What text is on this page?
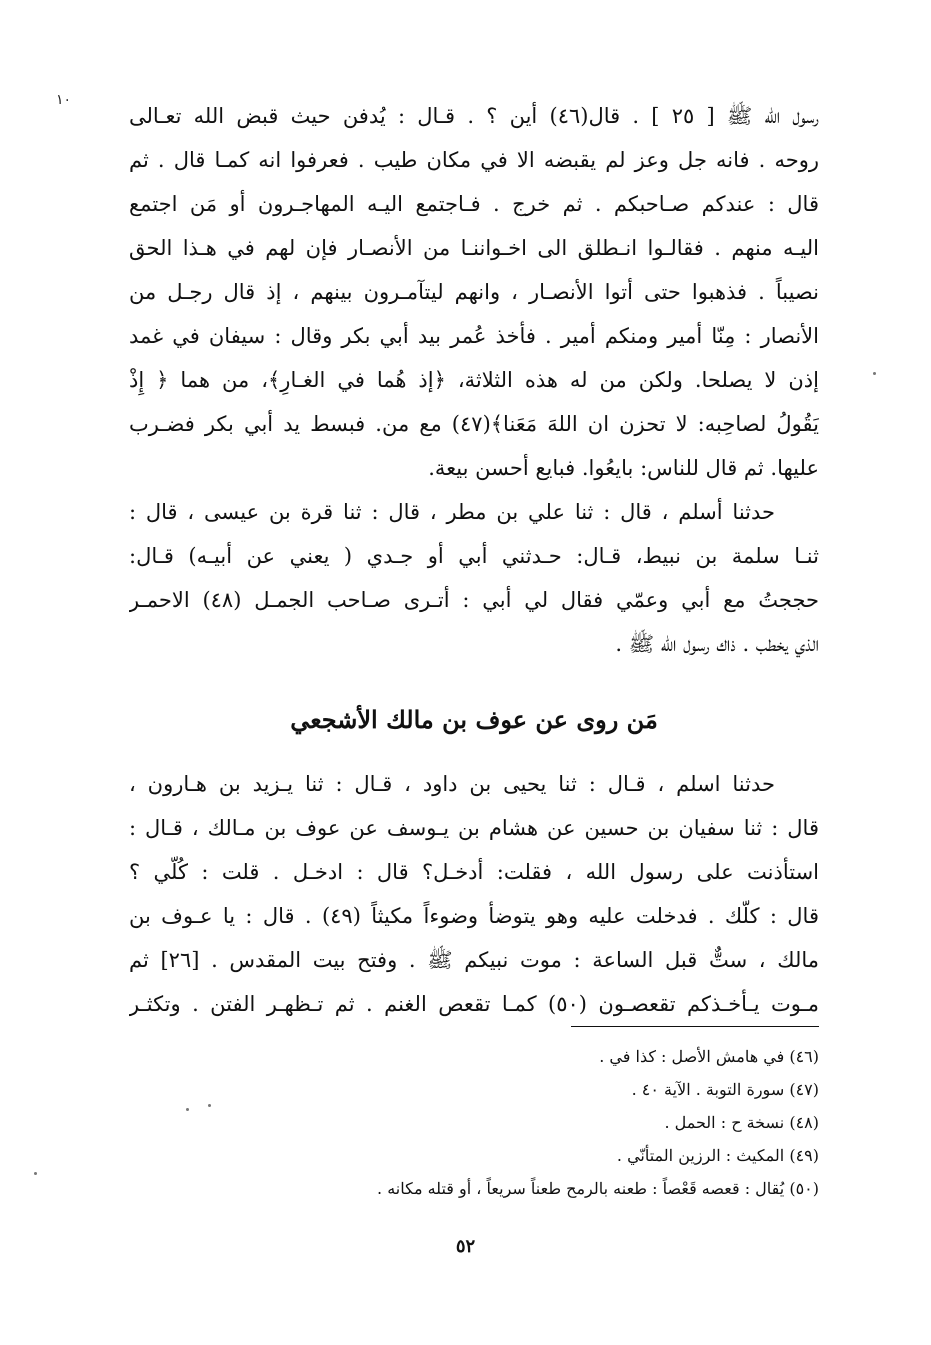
١٠
رسول الله ﷺ [ ٢٥ ] . قال(٤٦) أين ؟ . قـال : يُدفن حيث قبض الله تعـالى
روحه . فانه جل وعز لم يقبضه الا في مكان طيب . فعرفوا انه كمـا قال . ثم
قال : عندكم صـاحبكم . ثم خرج . فـاجتمع اليـه المهاجـرون أو مَن اجتمع
اليـه منهم . فقالـوا انـطلق الى اخـواننـا من الأنصـار فإن لهم في هـذا الحق
نصيباً . فذهبوا حتى أتوا الأنصـار ، وانهم ليتآمـرون بينهم ، إذ قال رجـل من
الأنصار : مِنّا أمير ومنكم أمير . فأخذ عُمر بيد أبي بكر وقال : سيفان في غمد
إذن لا يصلحا. ولكن من له هذه الثلاثة، ﴿إذ هُما في الغـارِ﴾، من هما ﴿ إِذْ
يَقُولُ لصاحِبه: لا تحزن ان اللهَ مَعَنا﴾(٤٧) مع من. فبسط يد أبي بكر فضـرب
عليها. ثم قال للناس: بايعُوا. فبايع أحسن بيعة.
حدثنا أسلم ، قال : ثنا علي بن مطر ، قال : ثنا قرة بن عيسى ، قال :
ثنـا سلمة بن نبيط، قـال: حـدثني أبي أو جـدي ( يعني عن أبيـه) قـال:
حججتُ مع أبي وعمّي فقال لي أبي : أتـرى صـاحب الجمـل (٤٨) الاحمـر
الذي يخطب . ذاك رسول الله ﷺ .
مَن روى عن عوف بن مالك الأشجعي
حدثنا اسلم ، قـال : ثنا يحيى بن داود ، قـال : ثنا يـزيد بن هـارون ،
قال : ثنا سفيان بن حسين عن هشام بن يـوسف عن عوف بن مـالك ، قـال :
استأذنت على رسول الله ، فقلت: أدخـل؟ قال : ادخـل . قلت : كُلّي ؟
قال : كلّك . فدخلت عليه وهو يتوضأ وضوءاً مكيثاً (٤٩) . قال : يا عـوف بن
مالك ، ستٌّ قبل الساعة : موت نبيكم ﷺ . وفتح بيت المقدس . [٢٦] ثم
مـوت يـأخـذكم تقعصـون (٥٠) كمـا تقعص الغنم . ثم تـظهـر الفتن . وتكثـر
(٤٦) في هامش الأصل : كذا في .
(٤٧) سورة التوبة . الآية ٤٠ .
(٤٨) نسخة ح : الحمل .
(٤٩) المكيث : الرزين المتأنّي .
(٥٠) يُقال : قعصه قَعْصاً : طعنه بالرمح طعناً سريعاً ، أو قتله مكانه .
٥٢
